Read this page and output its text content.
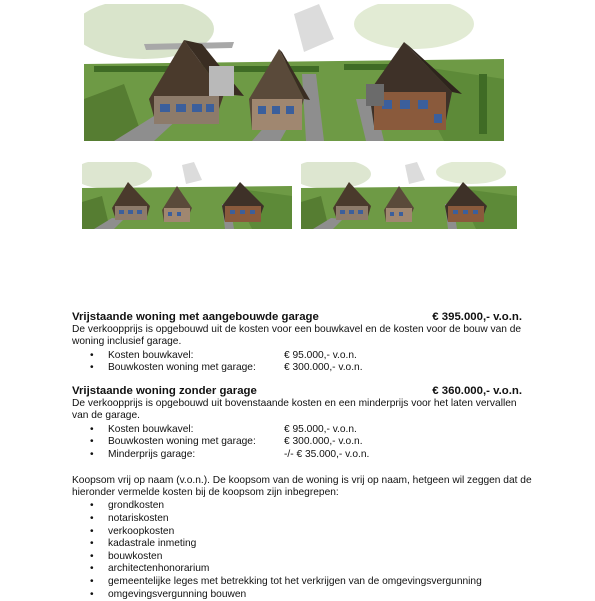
Vrijstaande woning met aangebouwde garage	€ 395.000,- v.o.n.

De verkoopprijs is opgebouwd uit de kosten voor een bouwkavel en de kosten voor de bouw van de woning inclusief garage.

•	Kosten bouwkavel:	€ 95.000,- v.o.n.
•	Bouwkosten woning met garage:	€ 300.000,- v.o.n.
Vrijstaande woning zonder garage	€ 360.000,- v.o.n.

De verkoopprijs is opgebouwd uit bovenstaande kosten en een minderprijs voor het laten vervallen van de garage.

•	Kosten bouwkavel:	€ 95.000,- v.o.n.
•	Bouwkosten woning met garage:	€ 300.000,- v.o.n.
•	Minderprijs garage:	-/- € 35.000,- v.o.n.

Koopsom vrij op naam (v.o.n.). De koopsom van de woning is vrij op naam, hetgeen wil zeggen dat de hieronder vermelde kosten bij de koopsom zijn inbegrepen:

•	grondkosten
•	notariskosten
•	verkoopkosten
•	kadastrale inmeting
•	bouwkosten
•	architectenhonorarium
•	gemeentelijke leges met betrekking tot het verkrijgen van de omgevingsvergunning
•	omgevingsvergunning bouwen
